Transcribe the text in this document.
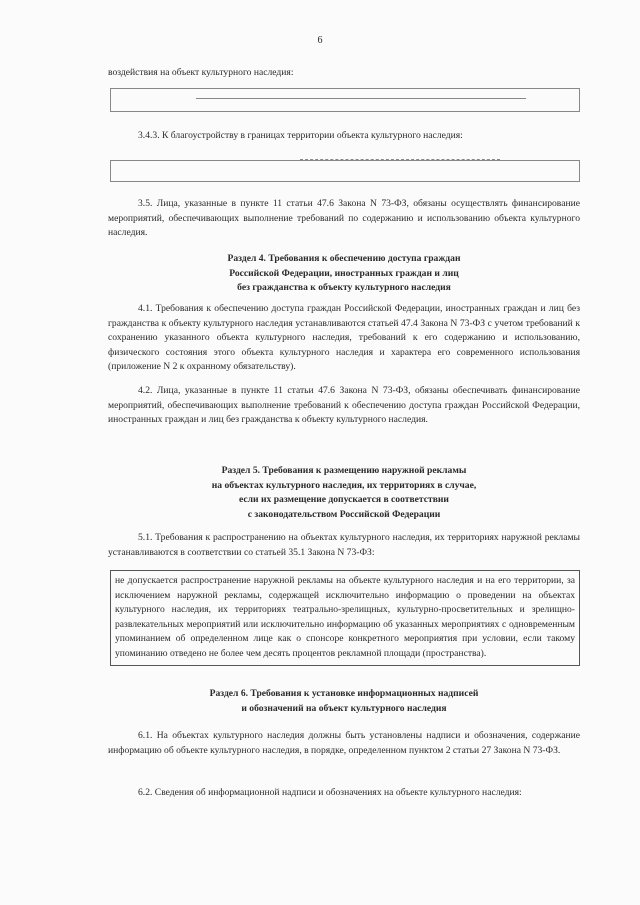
6

воздействия на объект культурного наследия:

3.4.3. К благоустройству в границах территории объекта культурного наследия:

3.5. Лица, указанные в пункте 11 статьи 47.6 Закона N 73-ФЗ, обязаны осуществлять финансирование мероприятий, обеспечивающих выполнение требований по содержанию и использованию объекта культурного наследия.

Раздел 4. Требования к обеспечению доступа граждан
Российской Федерации, иностранных граждан и лиц
без гражданства к объекту культурного наследия

4.1. Требования к обеспечению доступа граждан Российской Федерации, иностранных граждан и лиц без гражданства к объекту культурного наследия устанавливаются статьей 47.4 Закона N 73-ФЗ с учетом требований к сохранению указанного объекта культурного наследия, требований к его содержанию и использованию, физического состояния этого объекта культурного наследия и характера его современного использования (приложение N 2 к охранному обязательству).

4.2. Лица, указанные в пункте 11 статьи 47.6 Закона N 73-ФЗ, обязаны обеспечивать финансирование мероприятий, обеспечивающих выполнение требований к обеспечению доступа граждан Российской Федерации, иностранных граждан и лиц без гражданства к объекту культурного наследия.

Раздел 5. Требования к размещению наружной рекламы
на объектах культурного наследия, их территориях в случае,
если их размещение допускается в соответствии
с законодательством Российской Федерации

5.1. Требования к распространению на объектах культурного наследия, их территориях наружной рекламы устанавливаются в соответствии со статьей 35.1 Закона N 73-ФЗ:

не допускается распространение наружной рекламы на объекте культурного наследия и на его территории, за исключением наружной рекламы, содержащей исключительно информацию о проведении на объектах культурного наследия, их территориях театрально-зрелищных, культурно-просветительных и зрелищно-развлекательных мероприятий или исключительно информацию об указанных мероприятиях с одновременным упоминанием об определенном лице как о спонсоре конкретного мероприятия при условии, если такому упоминанию отведено не более чем десять процентов рекламной площади (пространства).
Раздел 6. Требования к установке информационных надписей
и обозначений на объект культурного наследия

6.1. На объектах культурного наследия должны быть установлены надписи и обозначения, содержание информацию об объекте культурного наследия, в порядке, определенном пунктом 2 статьи 27 Закона N 73-ФЗ.

6.2. Сведения об информационной надписи и обозначениях на объекте культурного наследия:
